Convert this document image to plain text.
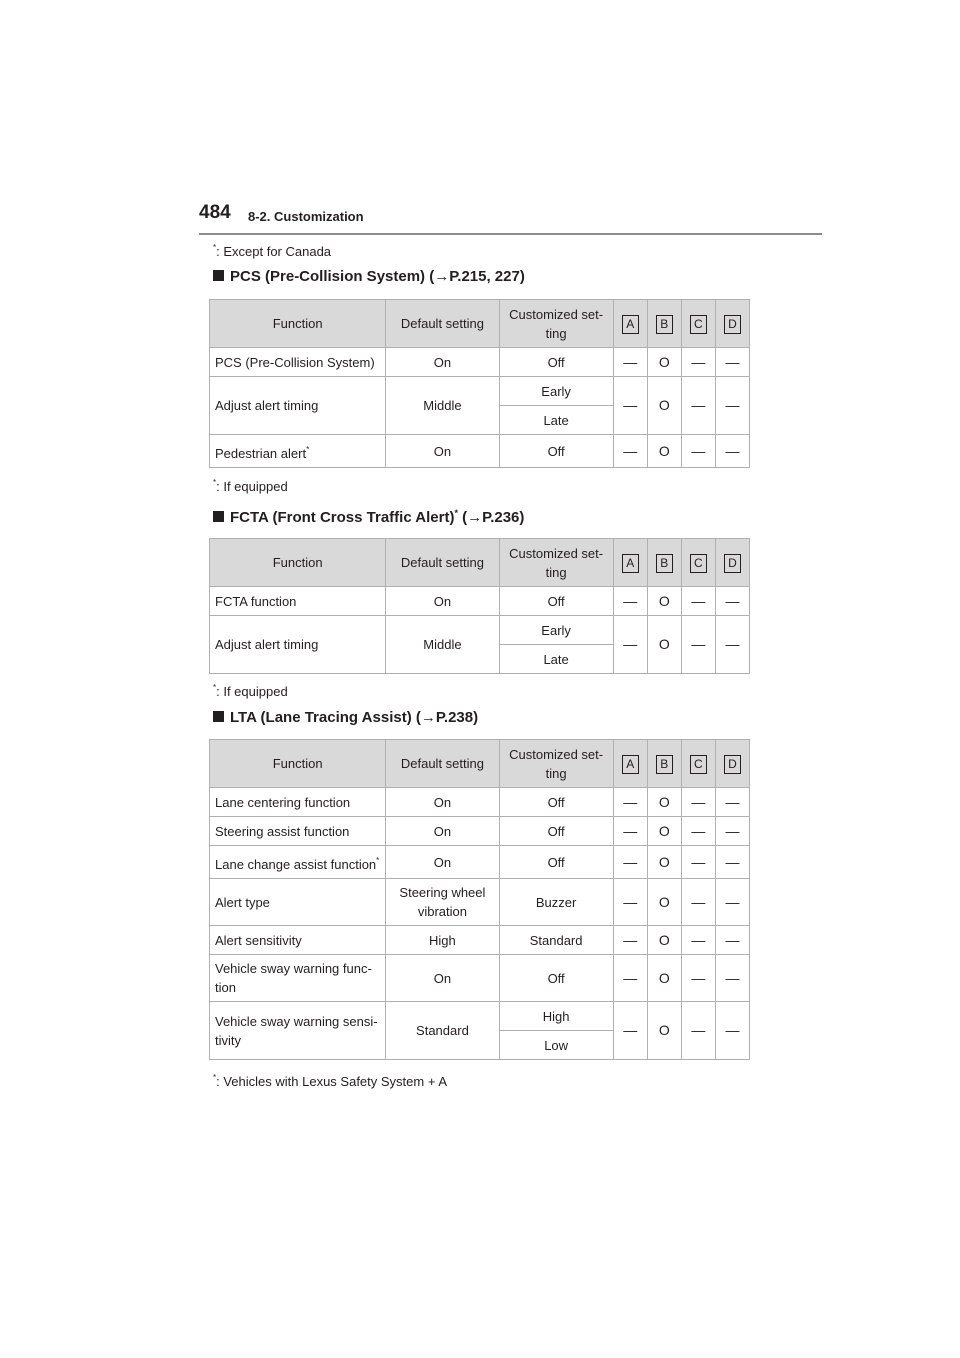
484 8-2. Customization
*: Except for Canada
PCS (Pre-Collision System) (→P.215, 227)
Function	Default setting	Customized set-ting	A	B	C	D
PCS (Pre-Collision System)	On	Off	—	O	—	—
Adjust alert timing	Middle	Early	—	O	—	—
		Late				
Pedestrian alert*	On	Off	—	O	—	—
*: If equipped
FCTA (Front Cross Traffic Alert)* (→P.236)
Function	Default setting	Customized set-ting	A	B	C	D
FCTA function	On	Off	—	O	—	—
Adjust alert timing	Middle	Early	—	O	—	—
		Late				
*: If equipped
LTA (Lane Tracing Assist) (→P.238)
Function	Default setting	Customized set-ting	A	B	C	D
Lane centering function	On	Off	—	O	—	—
Steering assist function	On	Off	—	O	—	—
Lane change assist function*	On	Off	—	O	—	—
Alert type	Steering wheel vibration	Buzzer	—	O	—	—
Alert sensitivity	High	Standard	—	O	—	—
Vehicle sway warning func-tion	On	Off	—	O	—	—
Vehicle sway warning sensi-tivity	Standard	High	—	O	—	—
		Low				
*: Vehicles with Lexus Safety System + A
